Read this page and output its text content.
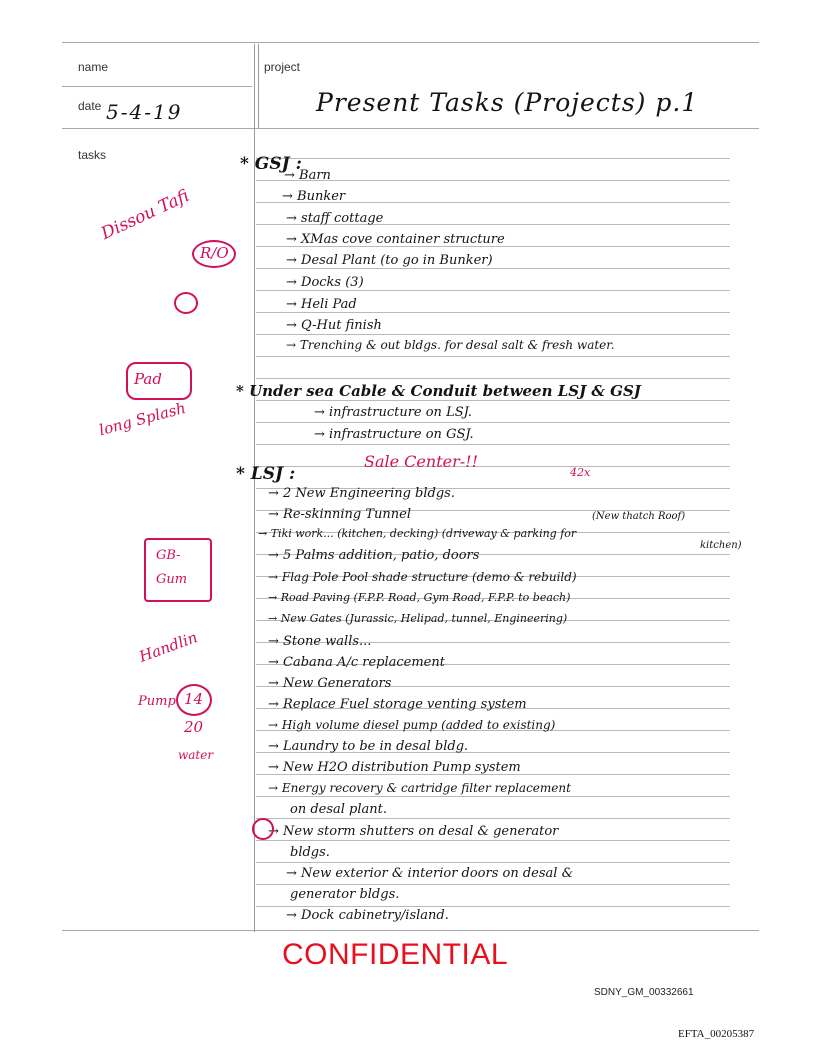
name
date
project
tasks
5-4-19	Present Tasks (Projects) p.1
* GSJ :
→ Barn
→ Bunker
→ staff cottage
→ XMas cove container structure
→ Desal Plant (to go in Bunker)
→ Docks (3)
→ Heli Pad
→ Q-Hut finish
→ Trenching & out bldgs. for desal salt & fresh water.
* Under sea Cable & Conduit between LSJ & GSJ
→ infrastructure on LSJ.
→ infrastructure on GSJ.
Sale Center-!!
42x
* LSJ :
→ 2 New Engineering bldgs.
→ Re-skinning Tunnel	(New thatch Roof)
→ Tiki work... (kitchen, decking) (driveway & parking for
kitchen)
→ 5 Palms addition, patio, doors
→ Flag Pole Pool shade structure (demo & rebuild)
→ Road Paving (F.P.P. Road, Gym Road, F.P.P. to beach)
→ New Gates (Jurassic, Helipad, tunnel, Engineering)
→ Stone walls...
→ Cabana A/c replacement
→ New Generators
→ Replace Fuel storage venting system
→ High volume diesel pump (added to existing)
→ Laundry to be in desal bldg.
→ New H2O distribution Pump system
→ Energy recovery & cartridge filter replacement
on desal plant.
→ New storm shutters on desal & generator
bldgs.
→ New exterior & interior doors on desal &
generator bldgs.
→ Dock cabinetry/island.
Dissou Tafi
R/O
Pad
long Splash
GB-
Gum
Handlin
Pump 14
20
water
CONFIDENTIAL
SDNY_GM_00332661
EFTA_00205387
